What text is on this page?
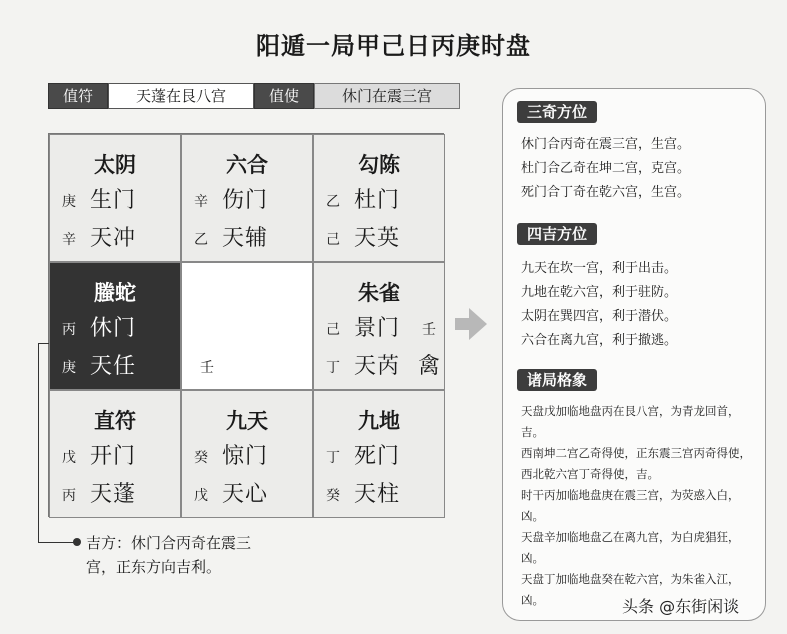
阳遁一局甲己日丙庚时盘
值符	天蓬在艮八宫	值使	休门在震三宫
太阴
庚 生门
辛 天冲
六合
辛 伤门
乙 天辅
勾陈
乙 杜门
己 天英
螣蛇
丙 休门
庚 天任	壬
朱雀
己 景门
丁 天芮
壬
禽
直符
戊 开门
丙 天蓬
九天
癸 惊门
戊 天心
九地
丁 死门
癸 天柱
吉方：休门合丙奇在震三
宫，正东方向吉利。
三奇方位
休门合丙奇在震三宫，生宫。
杜门合乙奇在坤二宫，克宫。
死门合丁奇在乾六宫，生宫。
四吉方位
九天在坎一宫，利于出击。
九地在乾六宫，利于驻防。
太阴在巽四宫，利于潜伏。
六合在离九宫，利于撤逃。
诸局格象
天盘戊加临地盘丙在艮八宫，为青龙回首，吉。
西南坤二宫乙奇得使，正东震三宫丙奇得使，西北乾六宫丁奇得使，吉。
时干丙加临地盘庚在震三宫，为荧惑入白，凶。
天盘辛加临地盘乙在离九宫，为白虎猖狂，凶。
天盘丁加临地盘癸在乾六宫，为朱雀入江，凶。	头条 @东街闲谈
